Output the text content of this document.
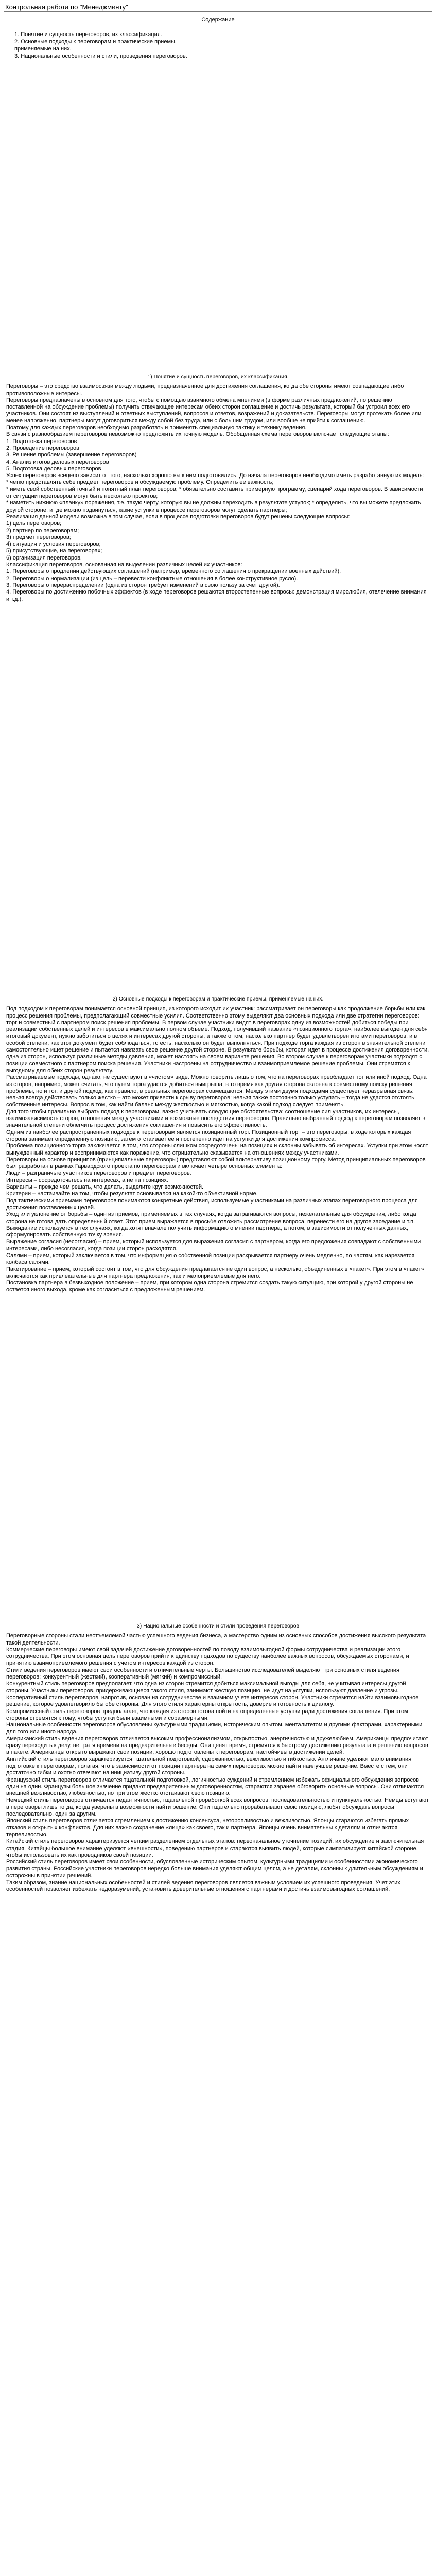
Контрольная работа по "Менеджменту"
Содержание
1. Понятие и сущность переговоров, их классификация.
2. Основные подходы к переговорам и практические приемы, применяемые на них.
3. Национальные особенности и стили, проведения переговоров.
1) Понятие и сущность переговоров, их классификация.

Переговоры – это средство взаимосвязи между людьми, предназначенное для достижения соглашения, когда обе стороны имеют совпадающие либо противоположные интересы.

Переговоры предназначены в основном для того, чтобы с помощью взаимного обмена мнениями (в форме различных предложений, по решению поставленной на обсуждение проблемы) получить отвечающее интересам обеих сторон соглашение и достичь результата, который бы устроил всех его участников. Они состоят из выступлений и ответных выступлений, вопросов и ответов, возражений и доказательств. Переговоры могут протекать более или менее напряженно, партнеры могут договориться между собой без труда, или с большим трудом, или вообще не прийти к соглашению.

Поэтому для каждых переговоров необходимо разработать и применять специальную тактику и технику ведения.

В связи с разнообразием переговоров невозможно предложить их точную модель. Обобщенная схема переговоров включает следующие этапы:

1. Подготовка переговоров

2. Проведение переговоров

3. Решение проблемы (завершение переговоров)

4. Анализ итогов деловых переговоров

5. Подготовка деловых переговоров

Успех переговоров всецело зависит от того, насколько хорошо вы к ним подготовились. До начала переговоров необходимо иметь разработанную их модель:

* четко представлять себе предмет переговоров и обсуждаемую проблему. Определить ее важность;

* иметь свой собственный точный и понятный план переговоров; * обязательно составить примерную программу, сценарий хода переговоров. В зависимости от ситуации переговоров могут быть несколько проектов;

* наметить нижнюю «планку» поражения, т.е. такую черту, которую вы не должны переходить в результате уступок; * определить, что вы можете предложить другой стороне, и где можно подвинуться, какие уступки в процессе переговоров могут сделать партнеры;

Реализация данной модели возможна в том случае, если в процессе подготовки переговоров будут решены следующие вопросы:

1) цель переговоров;

2) партнер по переговорам;

3) предмет переговоров;

4) ситуация и условия переговоров;

5) присутствующие, на переговорах;

6) организация переговоров.

Классификация переговоров, основанная на выделении различных целей их участников:

1. Переговоры о продлении действующих соглашений (например, временного соглашения о прекращении военных действий).

2. Переговоры о нормализации (из цель – перевести конфликтные отношения в более конструктивное русло).

3. Переговоры о перераспределении (одна из сторон требует изменений в свою пользу за счет другой).

4. Переговоры по достижению побочных эффектов (в ходе переговоров решаются второстепенные вопросы: демонстрация миролюбия, отвлечение внимания и т.д.).

2) Основные подходы к переговорам и практические приемы, применяемые на них.

Под подходом к переговорам понимается основной принцип, из которого исходит их участник: рассматривает он переговоры как продолжение борьбы или как процесс решения проблемы, предполагающий совместные усилия. Соответственно этому выделяют два основных подхода или две стратегии переговоров: торг и совместный с партнером поиск решения проблемы. В первом случае участники видят в переговорах одну из возможностей добиться победы при реализации собственных целей и интересов в максимально полном объеме. Подход, получивший название «позиционного торга», наиболее выгоден для себя итоговый документ, нужно заботиться о целях и интересах другой стороны, а также о том, насколько партнер будет удовлетворен итогами переговоров, и в особой степени, как этот документ будет соблюдаться, то есть, насколько он будет выполняться. При подходе торга каждая из сторон в значительной степени самостоятельно ищет решение и пытается навязать свое решение другой стороне. В результате борьбы, которая идет в процессе достижения договоренности, одна из сторон, используя различные методы давления, может настоять на своем варианте решения. Во втором случае к переговорам участники подходят с позиции совместного с партнером поиска решения. Участники настроены на сотрудничество и взаимоприемлемое решение проблемы. Они стремятся к выгодному для обеих сторон результату.

Рассматриваемые подходы, однако, не существуют в «чистом» виде. Можно говорить лишь о том, что на переговорах преобладает тот или иной подход. Одна из сторон, например, может считать, что путем торга удастся добиться выигрыша, в то время как другая сторона склонна к совместному поиску решения проблемы, но и тот, и другой подход, как правило, в реальных переговорах совмещаются. Между этими двумя подходами существует неразрывная связь: нельзя всегда действовать только жестко – это может привести к срыву переговоров; нельзя также постоянно только уступать – тогда не удастся отстоять собственные интересы. Вопрос в том, как найти баланс между жесткостью и мягкостью, когда какой подход следует применять.

Для того чтобы правильно выбрать подход к переговорам, важно учитывать следующие обстоятельства: соотношение сил участников, их интересы, взаимозависимость сторон, отношения между участниками и возможные последствия переговоров. Правильно выбранный подход к переговорам позволяет в значительной степени облегчить процесс достижения соглашения и повысить его эффективность.

Одним из наиболее распространенных подходов к переговорам является позиционный торг. Позиционный торг – это переговоры, в ходе которых каждая сторона занимает определенную позицию, затем отстаивает ее и постепенно идет на уступки для достижения компромисса.

Проблема позиционного торга заключается в том, что стороны слишком сосредоточены на позициях и склонны забывать об интересах. Уступки при этом носят вынужденный характер и воспринимаются как поражение, что отрицательно сказывается на отношениях между участниками.

Переговоры на основе принципов (принципиальные переговоры) представляют собой альтернативу позиционному торгу. Метод принципиальных переговоров был разработан в рамках Гарвардского проекта по переговорам и включает четыре основных элемента:

Люди – разграничьте участников переговоров и предмет переговоров.

Интересы – сосредоточьтесь на интересах, а не на позициях.

Варианты – прежде чем решать, что делать, выделите круг возможностей.

Критерии – настаивайте на том, чтобы результат основывался на какой-то объективной норме.

Под тактическими приемами переговоров понимаются конкретные действия, используемые участниками на различных этапах переговорного процесса для достижения поставленных целей.

Уход или уклонение от борьбы – один из приемов, применяемых в тех случаях, когда затрагиваются вопросы, нежелательные для обсуждения, либо когда сторона не готова дать определенный ответ. Этот прием выражается в просьбе отложить рассмотрение вопроса, перенести его на другое заседание и т.п.

Выжидание используется в тех случаях, когда хотят вначале получить информацию о мнении партнера, а потом, в зависимости от полученных данных, сформулировать собственную точку зрения.

Выражение согласия (несогласия) – прием, который используется для выражения согласия с партнером, когда его предложения совпадают с собственными интересами, либо несогласия, когда позиции сторон расходятся.

Салями – прием, который заключается в том, что информация о собственной позиции раскрывается партнеру очень медленно, по частям, как нарезается колбаса салями.

Пакетирование – прием, который состоит в том, что для обсуждения предлагается не один вопрос, а несколько, объединенных в «пакет». При этом в «пакет» включаются как привлекательные для партнера предложения, так и малоприемлемые для него.

Постановка партнера в безвыходное положение – прием, при котором одна сторона стремится создать такую ситуацию, при которой у другой стороны не остается иного выхода, кроме как согласиться с предложенным решением.

3) Национальные особенности и стили проведения переговоров

Переговорные стороны стали неотъемлемой частью успешного ведения бизнеса, а мастерство одним из основных способов достижения высокого результата такой деятельности.

Коммерческие переговоры имеют свой задачей достижение договоренностей по поводу взаимовыгодной формы сотрудничества и реализации этого сотрудничества. При этом основная цель переговоров прийти к единству подходов по существу наиболее важных вопросов, обсуждаемых сторонами, и принятию взаимоприемлемого решения с учетом интересов каждой из сторон.

Стили ведения переговоров имеют свои особенности и отличительные черты. Большинство исследователей выделяют три основных стиля ведения переговоров: конкурентный (жесткий), кооперативный (мягкий) и компромиссный.

Конкурентный стиль переговоров предполагает, что одна из сторон стремится добиться максимальной выгоды для себя, не учитывая интересы другой стороны. Участники переговоров, придерживающиеся такого стиля, занимают жесткую позицию, не идут на уступки, используют давление и угрозы.

Кооперативный стиль переговоров, напротив, основан на сотрудничестве и взаимном учете интересов сторон. Участники стремятся найти взаимовыгодное решение, которое удовлетворило бы обе стороны. Для этого стиля характерны открытость, доверие и готовность к диалогу.

Компромиссный стиль переговоров предполагает, что каждая из сторон готова пойти на определенные уступки ради достижения соглашения. При этом стороны стремятся к тому, чтобы уступки были взаимными и соразмерными.

Национальные особенности переговоров обусловлены культурными традициями, историческим опытом, менталитетом и другими факторами, характерными для того или иного народа.

Американский стиль ведения переговоров отличается высоким профессионализмом, открытостью, энергичностью и дружелюбием. Американцы предпочитают сразу переходить к делу, не тратя времени на предварительные беседы. Они ценят время, стремятся к быстрому достижению результата и решению вопросов в пакете. Американцы открыто выражают свои позиции, хорошо подготовлены к переговорам, настойчивы в достижении целей.

Английский стиль переговоров характеризуется тщательной подготовкой, сдержанностью, вежливостью и гибкостью. Англичане уделяют мало внимания подготовке к переговорам, полагая, что в зависимости от позиции партнера на самих переговорах можно найти наилучшее решение. Вместе с тем, они достаточно гибки и охотно отвечают на инициативу другой стороны.

Французский стиль переговоров отличается тщательной подготовкой, логичностью суждений и стремлением избежать официального обсуждения вопросов один на один. Французы большое значение придают предварительным договоренностям, стараются заранее обговорить основные вопросы. Они отличаются внешней вежливостью, любезностью, но при этом жестко отстаивают свою позицию.

Немецкий стиль переговоров отличается педантичностью, тщательной проработкой всех вопросов, последовательностью и пунктуальностью. Немцы вступают в переговоры лишь тогда, когда уверены в возможности найти решение. Они тщательно прорабатывают свою позицию, любят обсуждать вопросы последовательно, один за другим.

Японский стиль переговоров отличается стремлением к достижению консенсуса, неторопливостью и вежливостью. Японцы стараются избегать прямых отказов и открытых конфликтов. Для них важно сохранение «лица» как своего, так и партнера. Японцы очень внимательны к деталям и отличаются терпеливостью.

Китайский стиль переговоров характеризуется четким разделением отдельных этапов: первоначальное уточнение позиций, их обсуждение и заключительная стадия. Китайцы большое внимание уделяют «внешности», поведению партнеров и стараются выявить людей, которые симпатизируют китайской стороне, чтобы использовать их как проводников своей позиции.

Российский стиль переговоров имеет свои особенности, обусловленные историческим опытом, культурными традициями и особенностями экономического развития страны. Российские участники переговоров нередко больше внимания уделяют общим целям, а не деталям, склонны к длительным обсуждениям и осторожны в принятии решений.

Таким образом, знание национальных особенностей и стилей ведения переговоров является важным условием их успешного проведения. Учет этих особенностей позволяет избежать недоразумений, установить доверительные отношения с партнерами и достичь взаимовыгодных соглашений.
